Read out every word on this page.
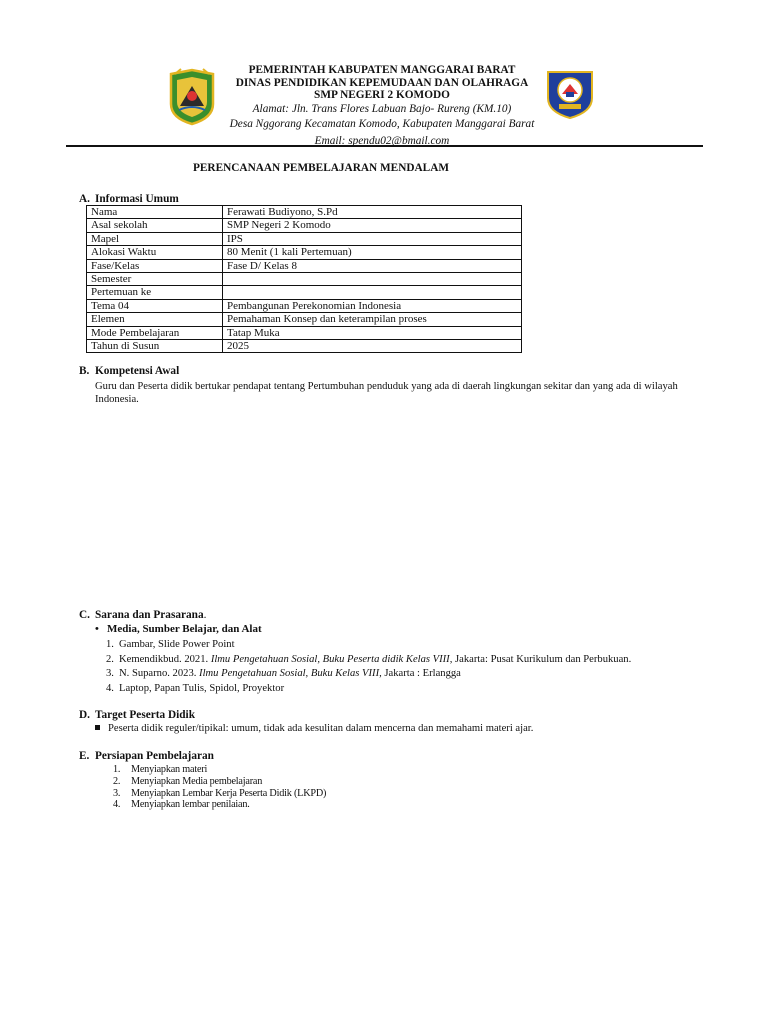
PEMERINTAH KABUPATEN MANGGARAI BARAT
DINAS PENDIDIKAN KEPEMUDAAN DAN OLAHRAGA
SMP NEGERI 2 KOMODO
Alamat: Jln. Trans Flores Labuan Bajo- Rureng (KM.10)
Desa Nggorang Kecamatan Komodo, Kabupaten Manggarai Barat
Email: spendu02@bmail.com
PERENCANAAN PEMBELAJARAN MENDALAM
A. Informasi Umum
Nama	Ferawati Budiyono, S.Pd
Asal sekolah	SMP Negeri 2 Komodo
Mapel	IPS
Alokasi Waktu	80 Menit (1 kali Pertemuan)
Fase/Kelas	Fase D/ Kelas 8
Semester	
Pertemuan ke	
Tema 04	Pembangunan Perekonomian Indonesia
Elemen	Pemahaman Konsep dan keterampilan proses
Mode Pembelajaran	Tatap Muka
Tahun di Susun	2025
B. Kompetensi Awal
Guru dan Peserta didik bertukar pendapat tentang Pertumbuhan penduduk yang ada di daerah lingkungan sekitar dan yang ada di wilayah Indonesia.
C. Sarana dan Prasarana.
• Media, Sumber Belajar, dan Alat
1. Gambar, Slide Power Point
2. Kemendikbud. 2021. Ilmu Pengetahuan Sosial, Buku Peserta didik Kelas VIII, Jakarta: Pusat Kurikulum dan Perbukuan.
3. N. Suparno. 2023. Ilmu Pengetahuan Sosial, Buku Kelas VIII, Jakarta : Erlangga
4. Laptop, Papan Tulis, Spidol, Proyektor
D. Target Peserta Didik
Peserta didik reguler/tipikal: umum, tidak ada kesulitan dalam mencerna dan memahami materi ajar.
E. Persiapan Pembelajaran
1. Menyiapkan materi
2. Menyiapkan Media pembelajaran
3. Menyiapkan Lembar Kerja Peserta Didik (LKPD)
4. Menyiapkan lembar penilaian.
